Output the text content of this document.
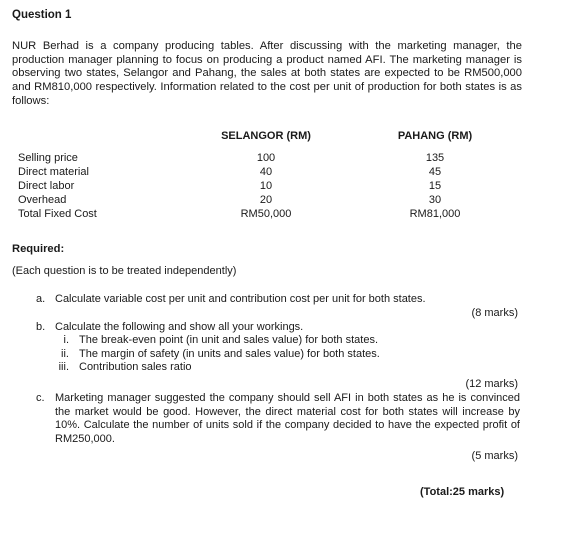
Question 1
NUR Berhad is a company producing tables. After discussing with the marketing manager, the production manager planning to focus on producing a product named AFI. The marketing manager is observing two states, Selangor and Pahang, the sales at both states are expected to be RM500,000 and RM810,000 respectively. Information related to the cost per unit of production for both states is as follows:
SELANGOR (RM)	PAHANG (RM)
Selling price	100	135
Direct material	40	45
Direct labor	10	15
Overhead	20	30
Total Fixed Cost	RM50,000	RM81,000
Required:
(Each question is to be treated independently)
a. Calculate variable cost per unit and contribution cost per unit for both states.
(8 marks)
b. Calculate the following and show all your workings.
i. The break-even point (in unit and sales value) for both states.
ii. The margin of safety (in units and sales value) for both states.
iii. Contribution sales ratio
(12 marks)
c. Marketing manager suggested the company should sell AFI in both states as he is convinced the market would be good. However, the direct material cost for both states will increase by 10%. Calculate the number of units sold if the company decided to have the expected profit of RM250,000.
(5 marks)
(Total:25 marks)
